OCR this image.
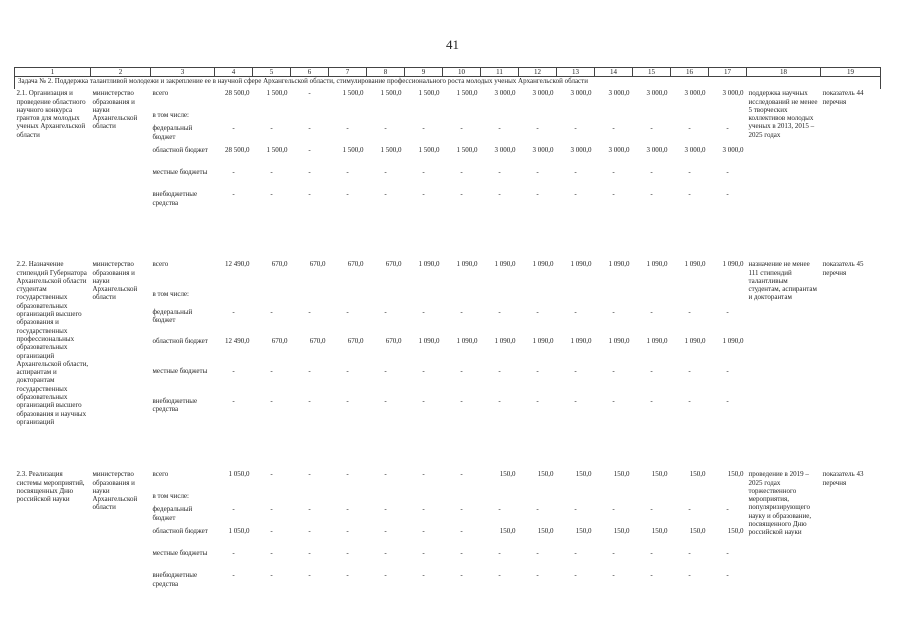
41
1	2	3	4	5	6	7	8	9	10	11	12	13	14	15	16	17	18	19
Задача № 2. Поддержка талантливой молодежи и закрепление ее в научной сфере Архангельской области, стимулирование профессионального роста молодых ученых Архангельской области																		
2.1. Организация и проведение областного научного конкурса грантов для молодых ученых Архангельской области	министерство образования и науки Архангельской области	всего	28 500,0	1 500,0	-	1 500,0	1 500,0	1 500,0	1 500,0	3 000,0	3 000,0	3 000,0	3 000,0	3 000,0	3 000,0	3 000,0	поддержка научных исследований не менее 5 творческих коллективов молодых ученых в 2013, 2015 – 2025 годах	показатель 44 перечня
		в том числе:																
		федеральный бюджет	-	-	-	-	-	-	-	-	-	-	-	-	-	-		
		областной бюджет	28 500,0	1 500,0	-	1 500,0	1 500,0	1 500,0	1 500,0	3 000,0	3 000,0	3 000,0	3 000,0	3 000,0	3 000,0	3 000,0		
		местные бюджеты	-	-	-	-	-	-	-	-	-	-	-	-	-	-		
		внебюджетные средства	-	-	-	-	-	-	-	-	-	-	-	-	-	-		

2.2. Назначение стипендий Губернатора Архангельской области студентам государственных образовательных организаций высшего образования и государственных профессиональных образовательных организаций Архангельской области, аспирантам и докторантам государственных образовательных организаций высшего образования и научных организаций	министерство образования и науки Архангельской области	всего	12 490,0	670,0	670,0	670,0	670,0	1 090,0	1 090,0	1 090,0	1 090,0	1 090,0	1 090,0	1 090,0	1 090,0	1 090,0	назначение не менее 111 стипендий талантливым студентам, аспирантам и докторантам	показатель 45 перечня
		в том числе:																
		федеральный бюджет	-	-	-	-	-	-	-	-	-	-	-	-	-	-		
		областной бюджет	12 490,0	670,0	670,0	670,0	670,0	1 090,0	1 090,0	1 090,0	1 090,0	1 090,0	1 090,0	1 090,0	1 090,0	1 090,0		
		местные бюджеты	-	-	-	-	-	-	-	-	-	-	-	-	-	-		
		внебюджетные средства	-	-	-	-	-	-	-	-	-	-	-	-	-	-		

2.3. Реализация системы мероприятий, посвященных Дню российской науки	министерство образования и науки Архангельской области	всего	1 050,0	-	-	-	-	-	-	150,0	150,0	150,0	150,0	150,0	150,0	150,0	проведение в 2019 – 2025 годах торжественного мероприятия, популяризирующего науку и образование, посвященного Дню российской науки	показатель 43 перечня
		в том числе:																
		федеральный бюджет	-	-	-	-	-	-	-	-	-	-	-	-	-	-		
		областной бюджет	1 050,0	-	-	-	-	-	-	150,0	150,0	150,0	150,0	150,0	150,0	150,0		
		местные бюджеты	-	-	-	-	-	-	-	-	-	-	-	-	-	-		
		внебюджетные средства	-	-	-	-	-	-	-	-	-	-	-	-	-	-		
